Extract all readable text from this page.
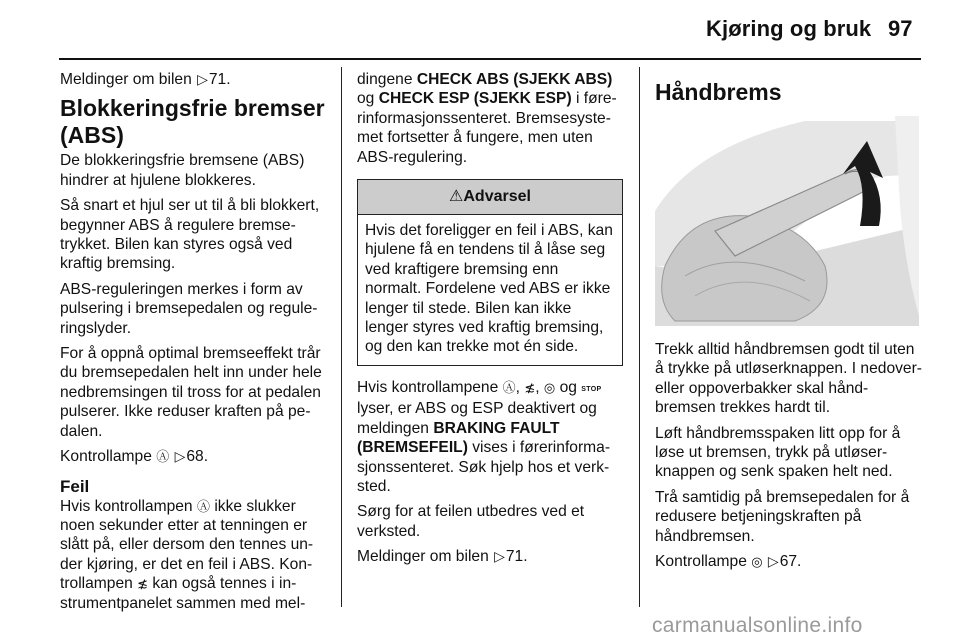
Kjøring og bruk 97

Meldinger om bilen ▷71.

Blokkeringsfrie bremser (ABS)

De blokkeringsfrie bremsene (ABS) hindrer at hjulene blokkeres.

Så snart et hjul ser ut til å bli blokkert, begynner ABS å regulere bremsetrykket. Bilen kan styres også ved kraftig bremsing.

ABS-reguleringen merkes i form av pulsering i bremsepedalen og reguleringslyder.

For å oppnå optimal bremseeffekt trår du bremsepedalen helt inn under hele nedbremsingen til tross for at pedalen pulserer. Ikke reduser kraften på pedalen.

Kontrollampe Ⓐ ▷68.

Feil

Hvis kontrollampen Ⓐ ikke slukker noen sekunder etter at tenningen er slått på, eller dersom den tennes under kjøring, er det en feil i ABS. Kontrollampen ≴ kan også tennes i instrumentpanelet sammen med mel-

dingene CHECK ABS (SJEKK ABS) og CHECK ESP (SJEKK ESP) i førerinformasjonssenteret. Bremsesystemet fortsetter å fungere, men uten ABS-regulering.

⚠Advarsel
Hvis det foreligger en feil i ABS, kan hjulene få en tendens til å låse seg ved kraftigere bremsing enn normalt. Fordelene ved ABS er ikke lenger til stede. Bilen kan ikke lenger styres ved kraftig bremsing, og den kan trekke mot én side.

Hvis kontrollampene Ⓐ, ≴, ◎ og STOP lyser, er ABS og ESP deaktivert og meldingen BRAKING FAULT (BREMSEFEIL) vises i førerinformasjonssenteret. Søk hjelp hos et verksted.

Sørg for at feilen utbedres ved et verksted.

Meldinger om bilen ▷71.

Håndbrems

Trekk alltid håndbremsen godt til uten å trykke på utløserknappen. I nedover- eller oppoverbakker skal håndbremsen trekkes hardt til.

Løft håndbremsspaken litt opp for å løse ut bremsen, trykk på utløserknappen og senk spaken helt ned.

Trå samtidig på bremsepedalen for å redusere betjeningskraften på håndbremsen.

Kontrollampe ◎ ▷67.

carmanualsonline.info
